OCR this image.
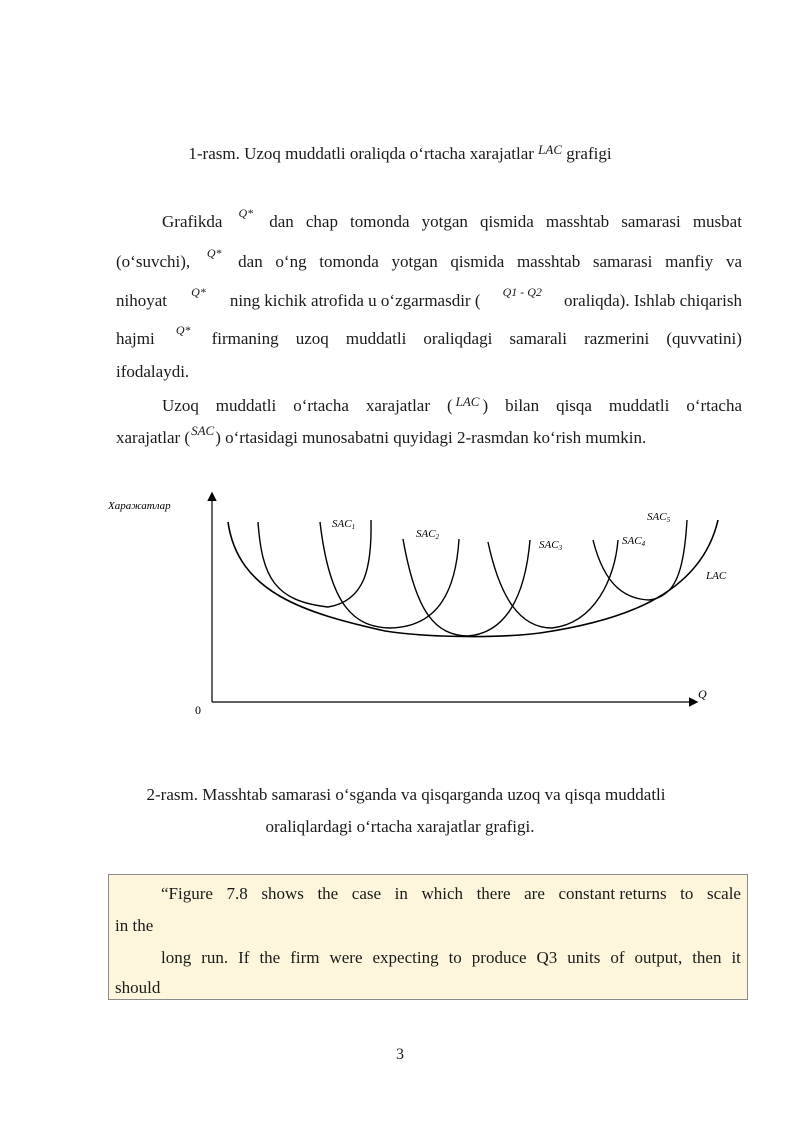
1-rasm. Uzoq muddatli oraliqda o‘rtacha xarajatlar $^{LAC}$ grafigi
Grafikda Q* dan chap tomonda yotgan qismida masshtab samarasi musbat
(o‘suvchi), Q* dan o‘ng tomonda yotgan qismida masshtab samarasi manfiy va
nihoyat Q* ning kichik atrofida u o‘zgarmasdir ( Q1 - Q2 oraliqda). Ishlab chiqarish
hajmi Q* firmaning uzoq muddatli oraliqdagi samarali razmerini (quvvatini)
ifodalaydi.
Uzoq muddatli o‘rtacha xarajatlar ( $^{LAC}$ ) bilan qisqa muddatli o‘rtacha
xarajatlar ( SAC ) o‘rtasidagi munosabatni quyidagi 2-rasmdan ko‘rish mumkin.
Харажатлар
Q
0
SAC1
SAC2
SAC3
SAC4
SAC5
LAC
2-rasm. Masshtab samarasi o‘sganda va qisqarganda uzoq va qisqa muddatli
oraliqlardagi o‘rtacha xarajatlar grafigi.
“Figure 7.8 shows the case in which there are constant returns to scale
in the
long run. If the firm were expecting to produce Q3 units of output, then it
should
3
